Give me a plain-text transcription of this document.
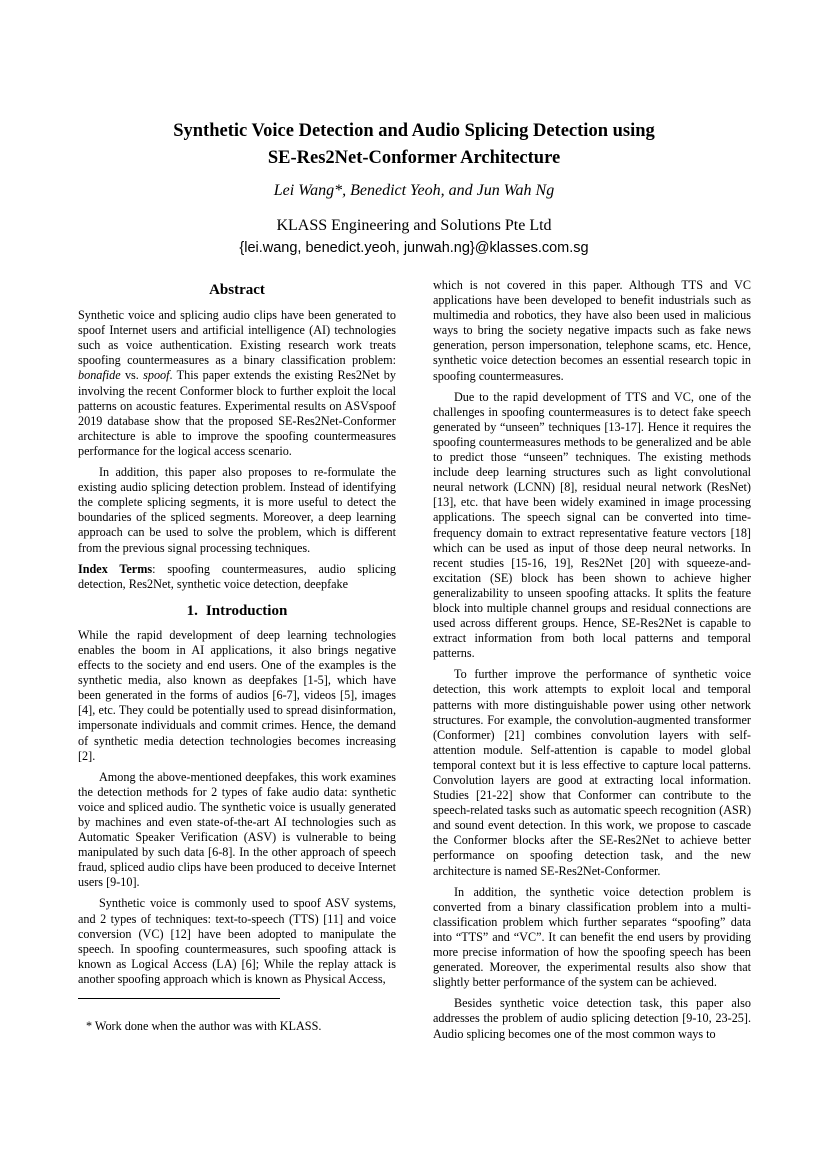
Synthetic Voice Detection and Audio Splicing Detection using
SE-Res2Net-Conformer Architecture
Lei Wang*, Benedict Yeoh, and Jun Wah Ng
KLASS Engineering and Solutions Pte Ltd
{lei.wang, benedict.yeoh, junwah.ng}@klasses.com.sg
Abstract

Synthetic voice and splicing audio clips have been generated to spoof Internet users and artificial intelligence (AI) technologies such as voice authentication. Existing research work treats spoofing countermeasures as a binary classification problem: bonafide vs. spoof. This paper extends the existing Res2Net by involving the recent Conformer block to further exploit the local patterns on acoustic features. Experimental results on ASVspoof 2019 database show that the proposed SE-Res2Net-Conformer architecture is able to improve the spoofing countermeasures performance for the logical access scenario.

In addition, this paper also proposes to re-formulate the existing audio splicing detection problem. Instead of identifying the complete splicing segments, it is more useful to detect the boundaries of the spliced segments. Moreover, a deep learning approach can be used to solve the problem, which is different from the previous signal processing techniques.

Index Terms: spoofing countermeasures, audio splicing detection, Res2Net, synthetic voice detection, deepfake

1. Introduction

While the rapid development of deep learning technologies enables the boom in AI applications, it also brings negative effects to the society and end users. One of the examples is the synthetic media, also known as deepfakes [1-5], which have been generated in the forms of audios [6-7], videos [5], images [4], etc. They could be potentially used to spread disinformation, impersonate individuals and commit crimes. Hence, the demand of synthetic media detection technologies becomes increasing [2].

Among the above-mentioned deepfakes, this work examines the detection methods for 2 types of fake audio data: synthetic voice and spliced audio. The synthetic voice is usually generated by machines and even state-of-the-art AI technologies such as Automatic Speaker Verification (ASV) is vulnerable to being manipulated by such data [6-8]. In the other approach of speech fraud, spliced audio clips have been produced to deceive Internet users [9-10].

Synthetic voice is commonly used to spoof ASV systems, and 2 types of techniques: text-to-speech (TTS) [11] and voice conversion (VC) [12] have been adopted to manipulate the speech. In spoofing countermeasures, such spoofing attack is known as Logical Access (LA) [6]; While the replay attack is another spoofing approach which is known as Physical Access,

which is not covered in this paper. Although TTS and VC applications have been developed to benefit industrials such as multimedia and robotics, they have also been used in malicious ways to bring the society negative impacts such as fake news generation, person impersonation, telephone scams, etc. Hence, synthetic voice detection becomes an essential research topic in spoofing countermeasures.

Due to the rapid development of TTS and VC, one of the challenges in spoofing countermeasures is to detect fake speech generated by “unseen” techniques [13-17]. Hence it requires the spoofing countermeasures methods to be generalized and be able to predict those “unseen” techniques. The existing methods include deep learning structures such as light convolutional neural network (LCNN) [8], residual neural network (ResNet) [13], etc. that have been widely examined in image processing applications. The speech signal can be converted into time-frequency domain to extract representative feature vectors [18] which can be used as input of those deep neural networks. In recent studies [15-16, 19], Res2Net [20] with squeeze-and-excitation (SE) block has been shown to achieve higher generalizability to unseen spoofing attacks. It splits the feature block into multiple channel groups and residual connections are used across different groups. Hence, SE-Res2Net is capable to extract information from both local patterns and temporal patterns.

To further improve the performance of synthetic voice detection, this work attempts to exploit local and temporal patterns with more distinguishable power using other network structures. For example, the convolution-augmented transformer (Conformer) [21] combines convolution layers with self-attention module. Self-attention is capable to model global temporal context but it is less effective to capture local patterns. Convolution layers are good at extracting local information. Studies [21-22] show that Conformer can contribute to the speech-related tasks such as automatic speech recognition (ASR) and sound event detection. In this work, we propose to cascade the Conformer blocks after the SE-Res2Net to achieve better performance on spoofing detection task, and the new architecture is named SE-Res2Net-Conformer.

In addition, the synthetic voice detection problem is converted from a binary classification problem into a multi-classification problem which further separates “spoofing” data into “TTS” and “VC”. It can benefit the end users by providing more precise information of how the spoofing speech has been generated. Moreover, the experimental results also show that slightly better performance of the system can be achieved.

Besides synthetic voice detection task, this paper also addresses the problem of audio splicing detection [9-10, 23-25]. Audio splicing becomes one of the most common ways to

* Work done when the author was with KLASS.
